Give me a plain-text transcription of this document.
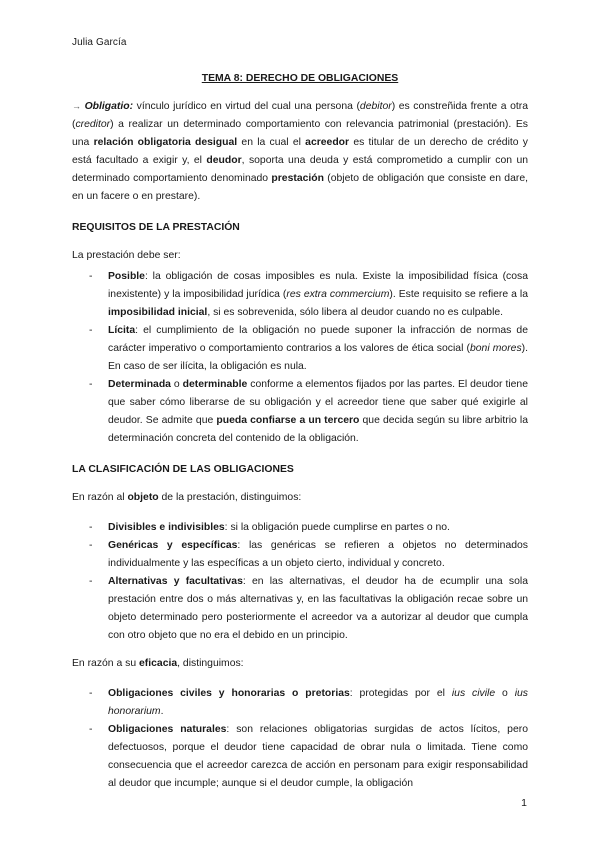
Julia García

TEMA 8: DERECHO DE OBLIGACIONES

→ Obligatio: vínculo jurídico en virtud del cual una persona (debitor) es constreñida frente a otra (creditor) a realizar un determinado comportamiento con relevancia patrimonial (prestación). Es una relación obligatoria desigual en la cual el acreedor es titular de un derecho de crédito y está facultado a exigir y, el deudor, soporta una deuda y está comprometido a cumplir con un determinado comportamiento denominado prestación (objeto de obligación que consiste en dare, en un facere o en prestare).

REQUISITOS DE LA PRESTACIÓN

La prestación debe ser:

- Posible: la obligación de cosas imposibles es nula. Existe la imposibilidad física (cosa inexistente) y la imposibilidad jurídica (res extra commercium). Este requisito se refiere a la imposibilidad inicial, si es sobrevenida, sólo libera al deudor cuando no es culpable.
- Lícita: el cumplimiento de la obligación no puede suponer la infracción de normas de carácter imperativo o comportamiento contrarios a los valores de ética social (boni mores). En caso de ser ilícita, la obligación es nula.
- Determinada o determinable conforme a elementos fijados por las partes. El deudor tiene que saber cómo liberarse de su obligación y el acreedor tiene que saber qué exigirle al deudor. Se admite que pueda confiarse a un tercero que decida según su libre arbitrio la determinación concreta del contenido de la obligación.

LA CLASIFICACIÓN DE LAS OBLIGACIONES

En razón al objeto de la prestación, distinguimos:

- Divisibles e indivisibles: si la obligación puede cumplirse en partes o no.
- Genéricas y específicas: las genéricas se refieren a objetos no determinados individualmente y las específicas a un objeto cierto, individual y concreto.
- Alternativas y facultativas: en las alternativas, el deudor ha de ecumplir una sola prestación entre dos o más alternativas y, en las facultativas la obligación recae sobre un objeto determinado pero posteriormente el acreedor va a autorizar al deudor que cumpla con otro objeto que no era el debido en un principio.

En razón a su eficacia, distinguimos:

- Obligaciones civiles y honorarias o pretorias: protegidas por el ius civile o ius honorarium.
- Obligaciones naturales: son relaciones obligatorias surgidas de actos lícitos, pero defectuosos, porque el deudor tiene capacidad de obrar nula o limitada. Tiene como consecuencia que el acreedor carezca de acción en personam para exigir responsabilidad al deudor que incumple; aunque si el deudor cumple, la obligación
1
